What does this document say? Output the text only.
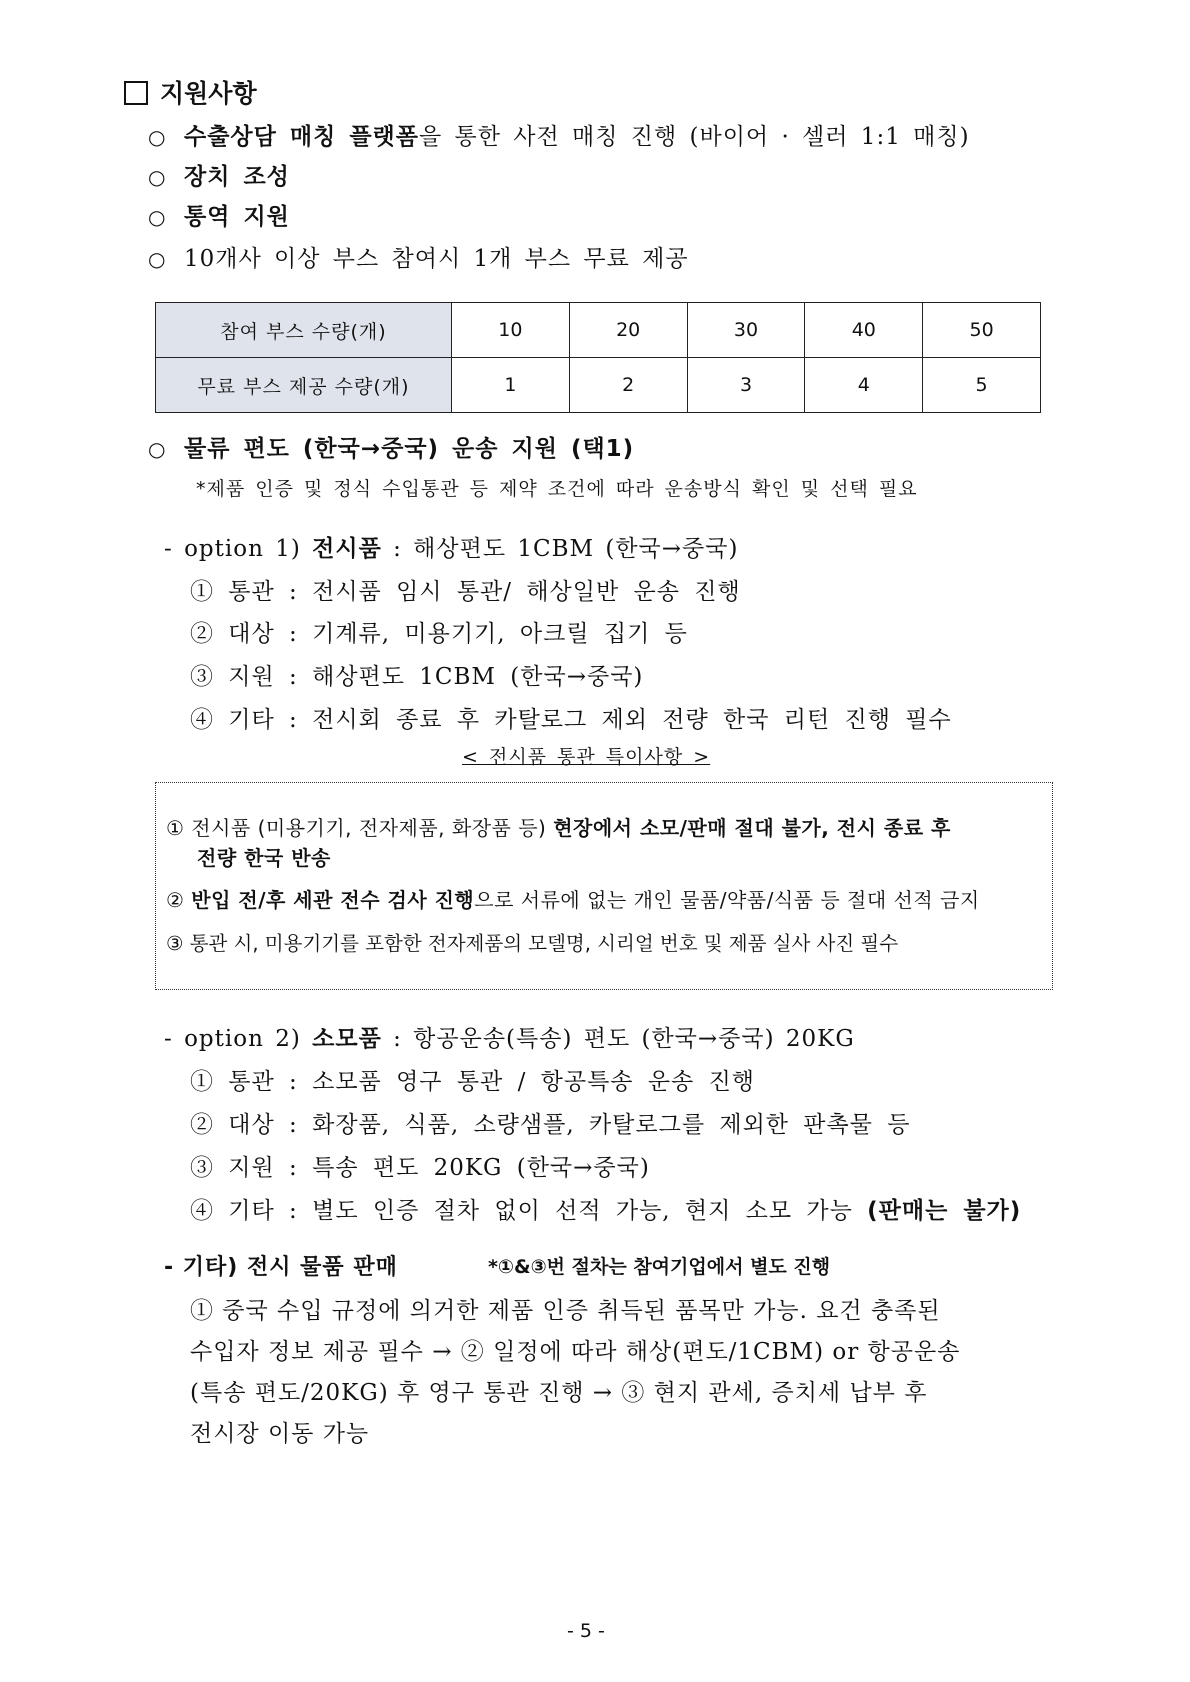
지원사항
○ 수출상담 매칭 플랫폼을 통한 사전 매칭 진행 (바이어 · 셀러 1:1 매칭)
○ 장치 조성
○ 통역 지원
○ 10개사 이상 부스 참여시 1개 부스 무료 제공
참여 부스 수량(개)	10	20	30	40	50
무료 부스 제공 수량(개)	1	2	3	4	5
○ 물류 편도 (한국→중국) 운송 지원 (택1)
*제품 인증 및 정식 수입통관 등 제약 조건에 따라 운송방식 확인 및 선택 필요
- option 1) 전시품 : 해상편도 1CBM (한국→중국)
① 통관 : 전시품 임시 통관/ 해상일반 운송 진행
② 대상 : 기계류, 미용기기, 아크릴 집기 등
③ 지원 : 해상편도 1CBM (한국→중국)
④ 기타 : 전시회 종료 후 카탈로그 제외 전량 한국 리턴 진행 필수
< 전시품 통관 특이사항 >
① 전시품 (미용기기, 전자제품, 화장품 등) 현장에서 소모/판매 절대 불가, 전시 종료 후
전량 한국 반송
② 반입 전/후 세관 전수 검사 진행으로 서류에 없는 개인 물품/약품/식품 등 절대 선적 금지
③ 통관 시, 미용기기를 포함한 전자제품의 모델명, 시리얼 번호 및 제품 실사 사진 필수
- option 2) 소모품 : 항공운송(특송) 편도 (한국→중국) 20KG
① 통관 : 소모품 영구 통관 / 항공특송 운송 진행
② 대상 : 화장품, 식품, 소량샘플, 카탈로그를 제외한 판촉물 등
③ 지원 : 특송 편도 20KG (한국→중국)
④ 기타 : 별도 인증 절차 없이 선적 가능, 현지 소모 가능 (판매는 불가)
- 기타) 전시 물품 판매	*①&③번 절차는 참여기업에서 별도 진행
① 중국 수입 규정에 의거한 제품 인증 취득된 품목만 가능. 요건 충족된
수입자 정보 제공 필수 → ② 일정에 따라 해상(편도/1CBM) or 항공운송
(특송 편도/20KG) 후 영구 통관 진행 → ③ 현지 관세, 증치세 납부 후
전시장 이동 가능
- 5 -
